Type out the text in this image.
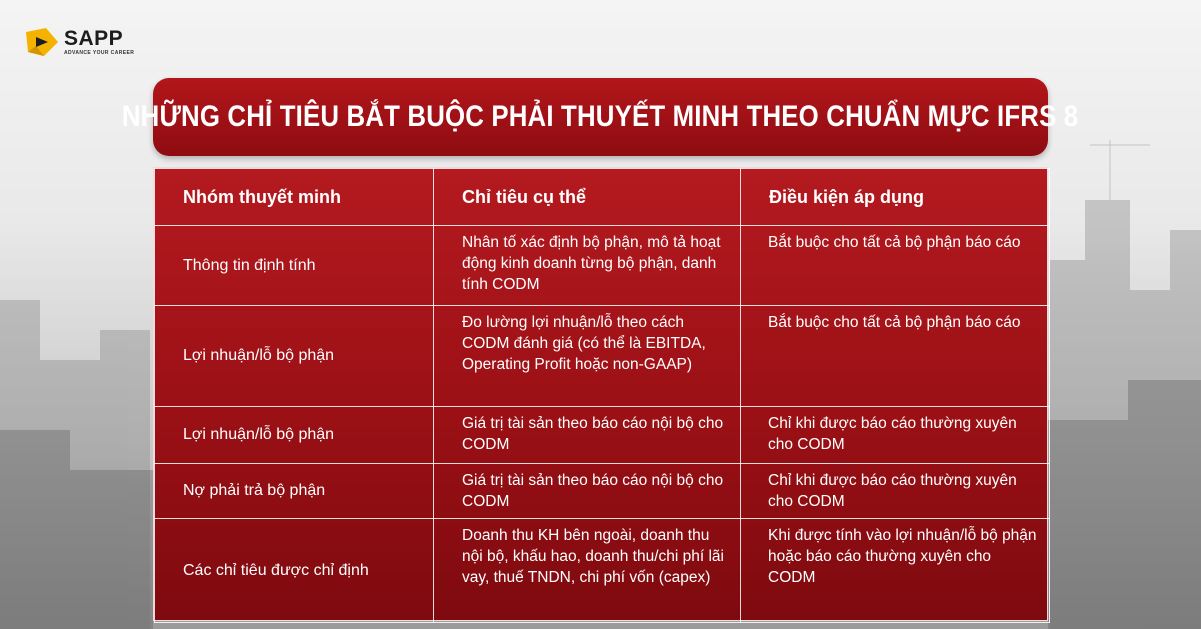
SAPP
ADVANCE YOUR CAREER
NHỮNG CHỈ TIÊU BẮT BUỘC PHẢI THUYẾT MINH THEO CHUẨN MỰC IFRS 8
Nhóm thuyết minh	Chỉ tiêu cụ thể	Điều kiện áp dụng
Thông tin định tính	Nhân tố xác định bộ phận, mô tả hoạt động kinh doanh từng bộ phận, danh tính CODM	Bắt buộc cho tất cả bộ phận báo cáo
Lợi nhuận/lỗ bộ phận	Đo lường lợi nhuận/lỗ theo cách CODM đánh giá (có thể là EBITDA, Operating Profit hoặc non-GAAP)	Bắt buộc cho tất cả bộ phận báo cáo
Lợi nhuận/lỗ bộ phận	Giá trị tài sản theo báo cáo nội bộ cho CODM	Chỉ khi được báo cáo thường xuyên cho CODM
Nợ phải trả bộ phận	Giá trị tài sản theo báo cáo nội bộ cho CODM	Chỉ khi được báo cáo thường xuyên cho CODM
Các chỉ tiêu được chỉ định	Doanh thu KH bên ngoài, doanh thu nội bộ, khấu hao, doanh thu/chi phí lãi vay, thuế TNDN, chi phí vốn (capex)	Khi được tính vào lợi nhuận/lỗ bộ phận hoặc báo cáo thường xuyên cho CODM
